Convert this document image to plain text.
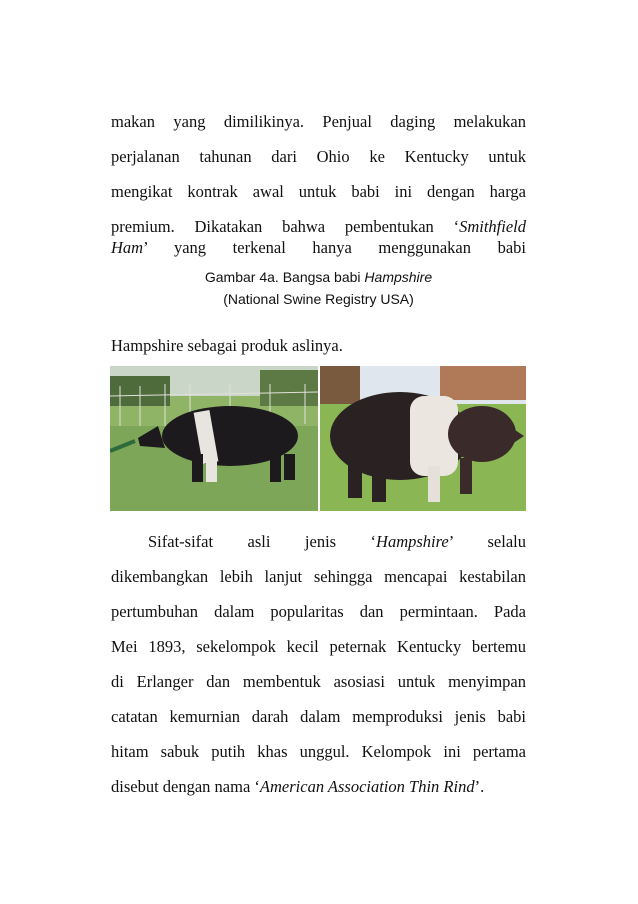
makan yang dimilikinya. Penjual daging melakukan

perjalanan tahunan dari Ohio ke Kentucky untuk

mengikat kontrak awal untuk babi ini dengan harga

premium. Dikatakan bahwa pembentukan ‘Smithfield

Ham’  yang  terkenal  hanya  menggunakan  babi

Gambar 4a. Bangsa babi Hampshire

(National Swine Registry USA)

Hampshire sebagai produk aslinya.

Sifat-sifat  asli  jenis  ‘Hampshire’  selalu

dikembangkan lebih lanjut sehingga mencapai kestabilan

pertumbuhan dalam popularitas dan permintaan. Pada

Mei 1893, sekelompok kecil peternak Kentucky bertemu

di Erlanger dan membentuk asosiasi untuk menyimpan

catatan kemurnian darah dalam memproduksi jenis babi

hitam sabuk putih khas unggul. Kelompok ini pertama

disebut dengan nama ‘American Association Thin Rind’.
